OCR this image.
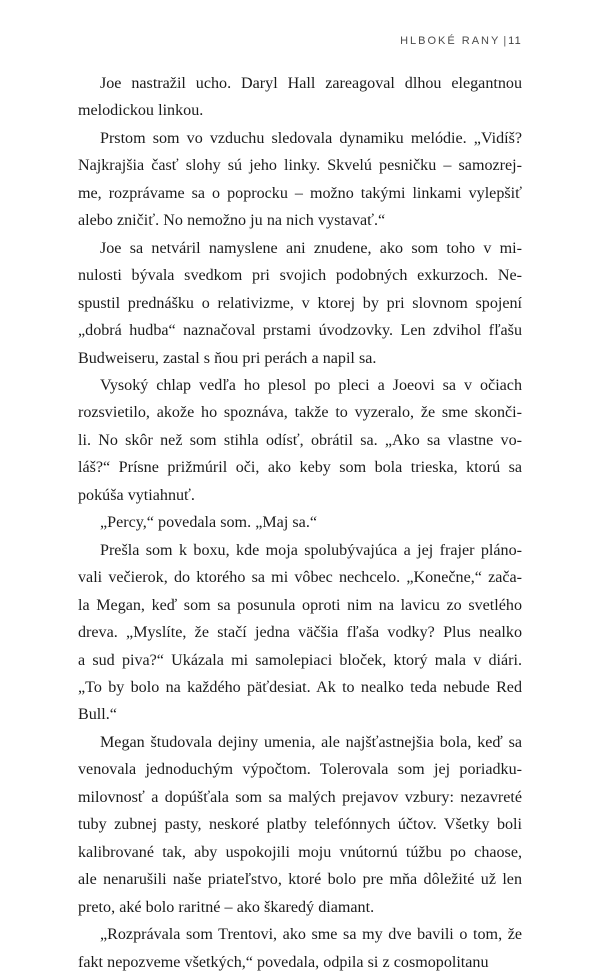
HLBOKÉ RANY |11

Joe nastražil ucho. Daryl Hall zareagoval dlhou elegantnou
melodickou linkou.

Prstom som vo vzduchu sledovala dynamiku melódie. „Vidíš?
Najkrajšia časť slohy sú jeho linky. Skvelú pesničku – samozrej-
me, rozprávame sa o poprocku – možno takými linkami vylepšiť
alebo zničiť. No nemožno ju na nich vystavať.“

Joe sa netváril namyslene ani znudene, ako som toho v mi-
nulosti bývala svedkom pri svojich podobných exkurzoch. Ne-
spustil prednášku o relativizme, v ktorej by pri slovnom spojení
„dobrá hudba“ naznačoval prstami úvodzovky. Len zdvihol fľašu
Budweiseru, zastal s ňou pri perách a napil sa.

Vysoký chlap vedľa ho plesol po pleci a Joeovi sa v očiach
rozsvietilo, akože ho spoznáva, takže to vyzeralo, že sme skonči-
li. No skôr než som stihla odísť, obrátil sa. „Ako sa vlastne vo-
láš?“ Prísne prižmúril oči, ako keby som bola trieska, ktorú sa
pokúša vytiahnuť.

„Percy,“ povedala som. „Maj sa.“

Prešla som k boxu, kde moja spolubývajúca a jej frajer pláno-
vali večierok, do ktorého sa mi vôbec nechcelo. „Konečne,“ zača-
la Megan, keď som sa posunula oproti nim na lavicu zo svetlého
dreva. „Myslíte, že stačí jedna väčšia fľaša vodky? Plus nealko
a sud piva?“ Ukázala mi samolepiaci bloček, ktorý mala v diári.
„To by bolo na každého päťdesiat. Ak to nealko teda nebude Red
Bull.“

Megan študovala dejiny umenia, ale najšťastnejšia bola, keď sa
venovala jednoduchým výpočtom. Tolerovala som jej poriadku-
milovnosť a dopúšťala som sa malých prejavov vzbury: nezavreté
tuby zubnej pasty, neskoré platby telefónnych účtov. Všetky boli
kalibrované tak, aby uspokojili moju vnútornú túžbu po chaose,
ale nenarušili naše priateľstvo, ktoré bolo pre mňa dôležité už len
preto, aké bolo raritné – ako škaredý diamant.

„Rozprávala som Trentovi, ako sme sa my dve bavili o tom, že
fakt nepozveme všetkých,“ povedala, odpila si z cosmopolitanu
